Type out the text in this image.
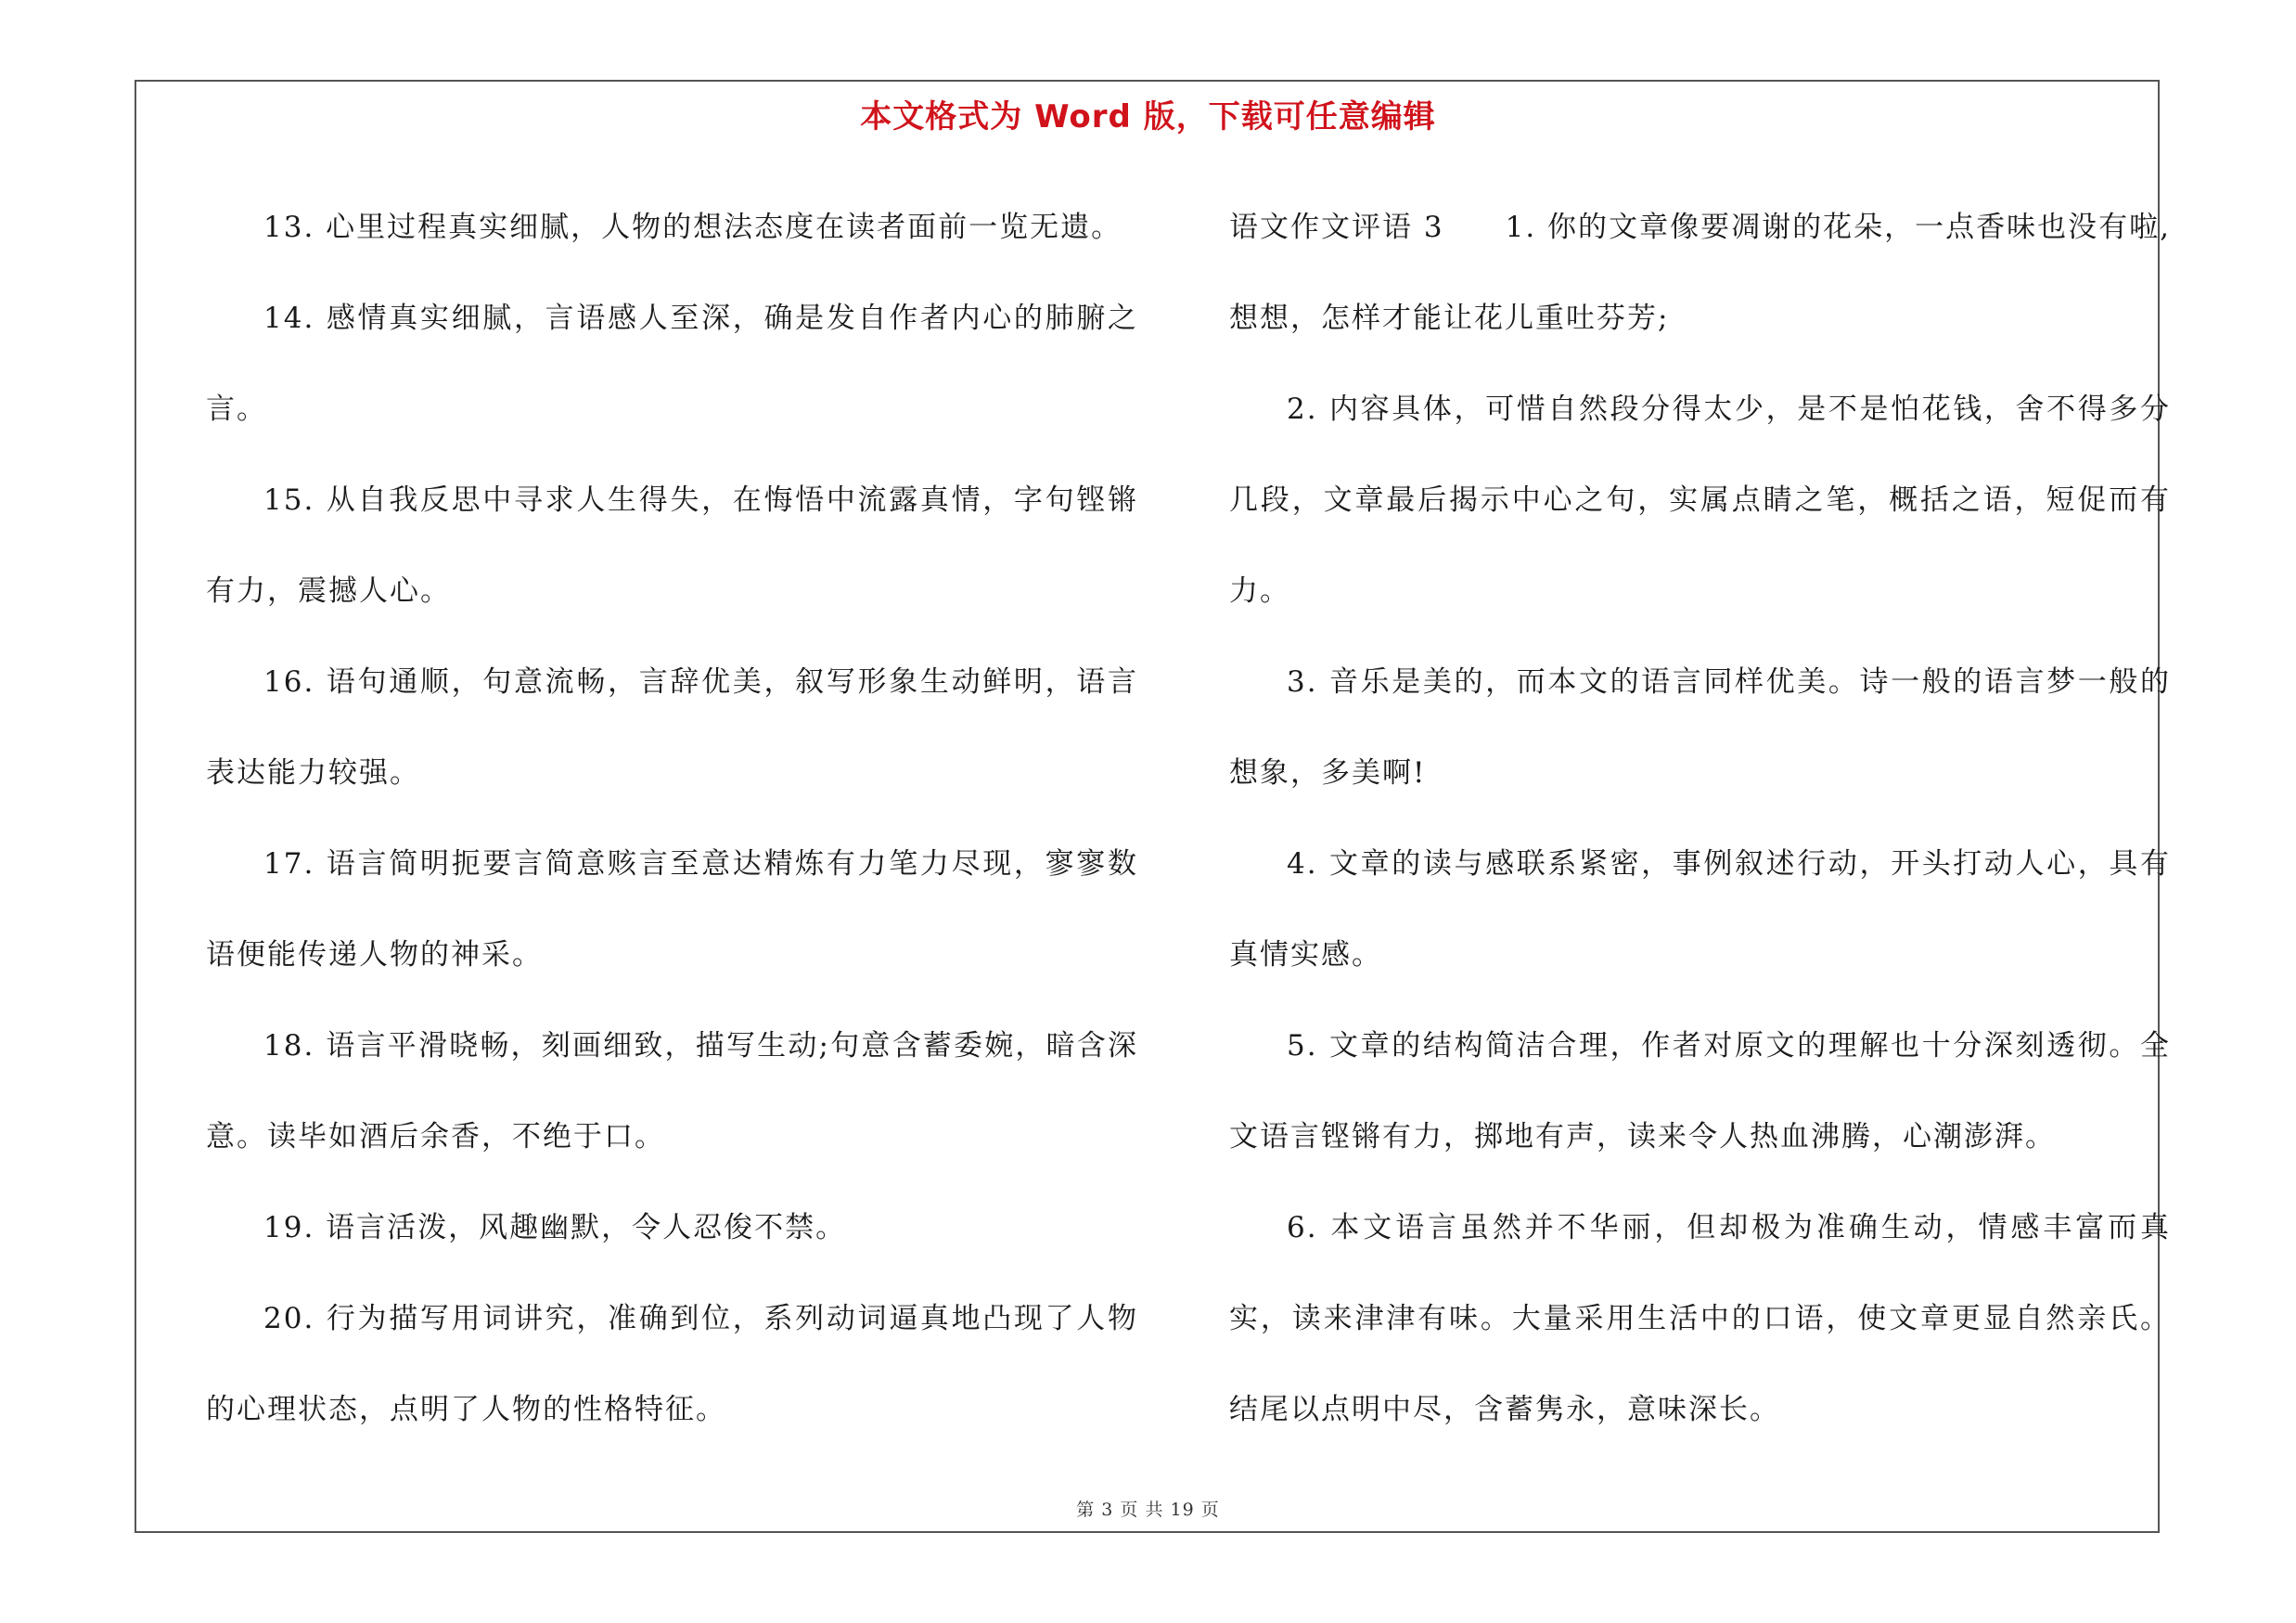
本文格式为 Word 版，下载可任意编辑

13. 心里过程真实细腻，人物的想法态度在读者面前一览无遗。

14. 感情真实细腻，言语感人至深，确是发自作者内心的肺腑之言。

15. 从自我反思中寻求人生得失，在悔悟中流露真情，字句铿锵有力，震撼人心。

16. 语句通顺，句意流畅，言辞优美，叙写形象生动鲜明，语言表达能力较强。

17. 语言简明扼要言简意赅言至意达精炼有力笔力尽现，寥寥数语便能传递人物的神采。

18. 语言平滑晓畅，刻画细致，描写生动;句意含蓄委婉，暗含深意。读毕如酒后余香，不绝于口。

19. 语言活泼，风趣幽默，令人忍俊不禁。

20. 行为描写用词讲究，准确到位，系列动词逼真地凸现了人物的心理状态，点明了人物的性格特征。

语文作文评语 3　　1. 你的文章像要凋谢的花朵，一点香味也没有啦,想想，怎样才能让花儿重吐芬芳;

2. 内容具体，可惜自然段分得太少，是不是怕花钱，舍不得多分几段，文章最后揭示中心之句，实属点睛之笔，概括之语，短促而有力。

3. 音乐是美的，而本文的语言同样优美。诗一般的语言梦一般的想象，多美啊!

4. 文章的读与感联系紧密，事例叙述行动，开头打动人心，具有真情实感。

5. 文章的结构简洁合理，作者对原文的理解也十分深刻透彻。全文语言铿锵有力，掷地有声，读来令人热血沸腾，心潮澎湃。

6. 本文语言虽然并不华丽，但却极为准确生动，情感丰富而真实，读来津津有味。大量采用生活中的口语，使文章更显自然亲氏。结尾以点明中尽，含蓄隽永，意味深长。

第 3 页 共 19 页
